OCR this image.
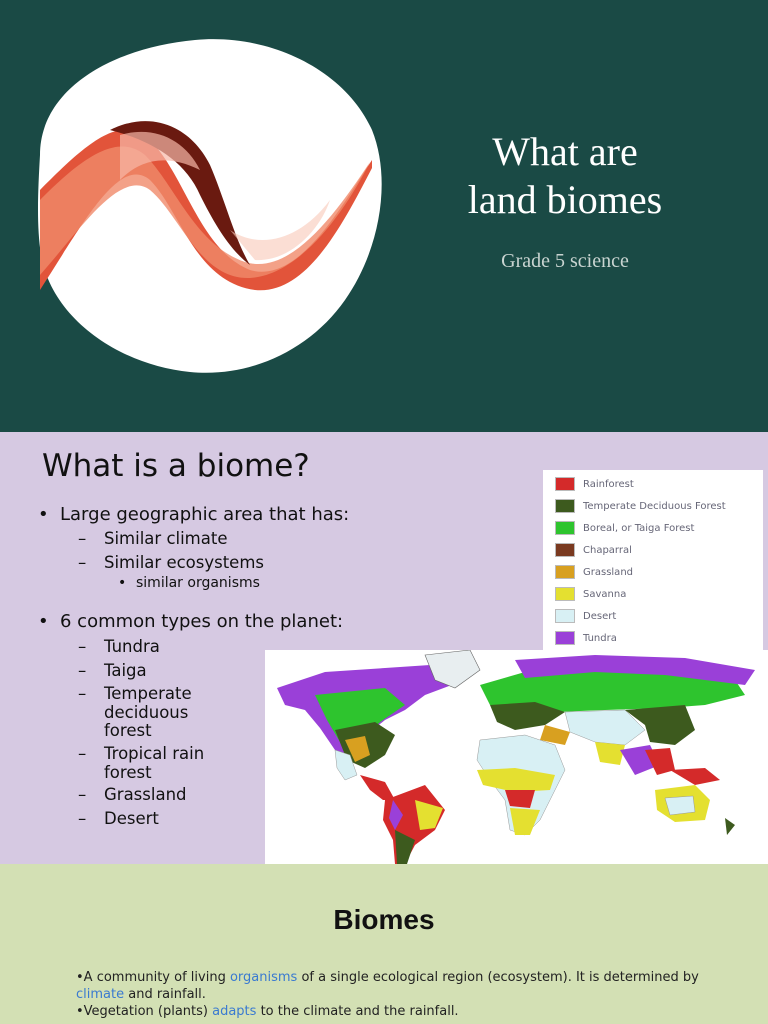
What are
land biomes
Grade 5 science
What is a biome?
• Large geographic area that has:
– Similar climate
– Similar ecosystems
• similar organisms
• 6 common types on the planet:
– Tundra
– Taiga
– Temperate
deciduous
forest
– Tropical rain
forest
– Grassland
– Desert
Rainforest
Temperate Deciduous Forest
Boreal, or Taiga Forest
Chaparral
Grassland
Savanna
Desert
Tundra
Biomes
•A community of living organisms of a single ecological region (ecosystem). It is determined by climate and rainfall.
•Vegetation (plants) adapts to the climate and the rainfall.
